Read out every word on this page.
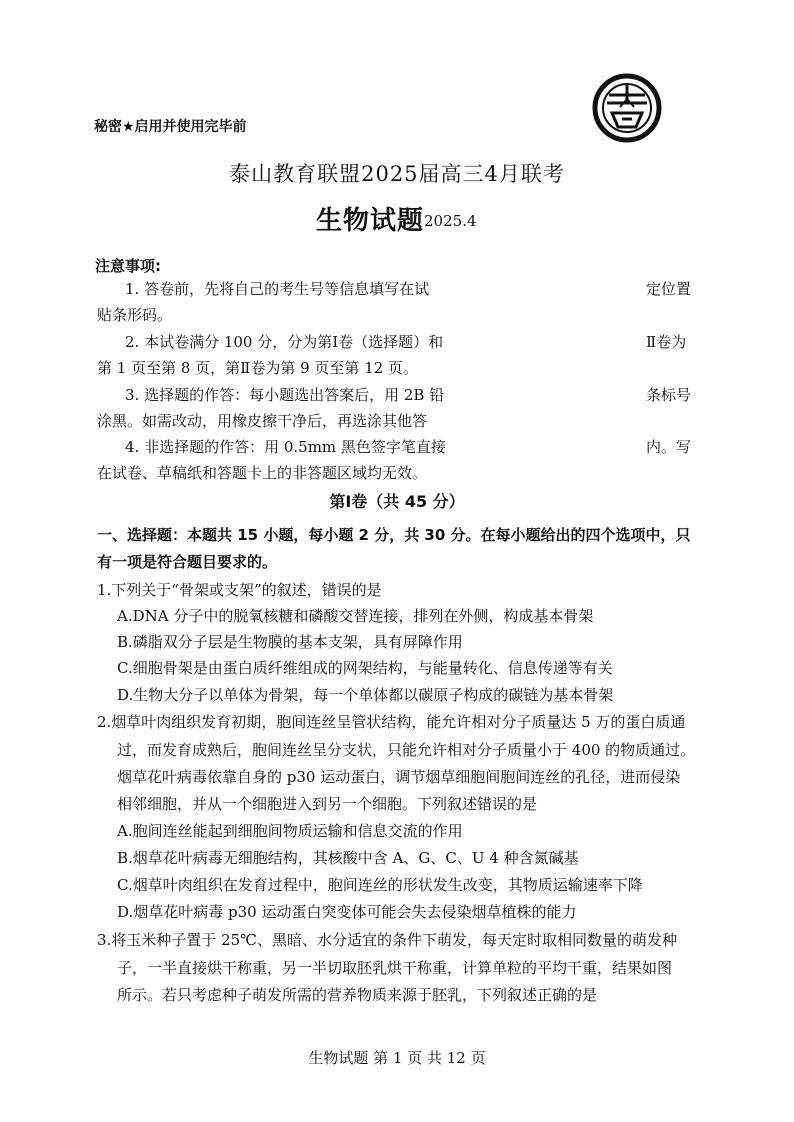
秘密★启用并使用完毕前
泰山教育联盟2025届高三4月联考
生物试题 2025.4
注意事项:
1. 答卷前，先将自己的考生号等信息填写在试
贴条形码。
2. 本试卷满分 100 分，分为第Ⅰ卷（选择题）和
第 1 页至第 8 页，第Ⅱ卷为第 9 页至第 12 页。
3. 选择题的作答：每小题选出答案后，用 2B 铅
涂黑。如需改动，用橡皮擦干净后，再选涂其他答
4. 非选择题的作答：用 0.5mm 黑色签字笔直接
在试卷、草稿纸和答题卡上的非答题区域均无效。
定位置
Ⅱ卷为
条标号
内。写
第Ⅰ卷（共 45 分）
一、选择题：本题共 15 小题，每小题 2 分，共 30 分。在每小题给出的四个选项中，只
有一项是符合题目要求的。
1.下列关于“骨架或支架”的叙述，错误的是
A.DNA 分子中的脱氧核糖和磷酸交替连接，排列在外侧，构成基本骨架
B.磷脂双分子层是生物膜的基本支架，具有屏障作用
C.细胞骨架是由蛋白质纤维组成的网架结构，与能量转化、信息传递等有关
D.生物大分子以单体为骨架，每一个单体都以碳原子构成的碳链为基本骨架
2.烟草叶肉组织发育初期，胞间连丝呈管状结构，能允许相对分子质量达 5 万的蛋白质通
过，而发育成熟后，胞间连丝呈分支状，只能允许相对分子质量小于 400 的物质通过。
烟草花叶病毒依靠自身的 p30 运动蛋白，调节烟草细胞间胞间连丝的孔径，进而侵染
相邻细胞，并从一个细胞进入到另一个细胞。下列叙述错误的是
A.胞间连丝能起到细胞间物质运输和信息交流的作用
B.烟草花叶病毒无细胞结构，其核酸中含 A、G、C、U 4 种含氮碱基
C.烟草叶肉组织在发育过程中，胞间连丝的形状发生改变，其物质运输速率下降
D.烟草花叶病毒 p30 运动蛋白突变体可能会失去侵染烟草植株的能力
3.将玉米种子置于 25℃、黑暗、水分适宜的条件下萌发，每天定时取相同数量的萌发种
子，一半直接烘干称重，另一半切取胚乳烘干称重，计算单粒的平均干重，结果如图
所示。若只考虑种子萌发所需的营养物质来源于胚乳，下列叙述正确的是
生物试题 第 1 页 共 12 页
